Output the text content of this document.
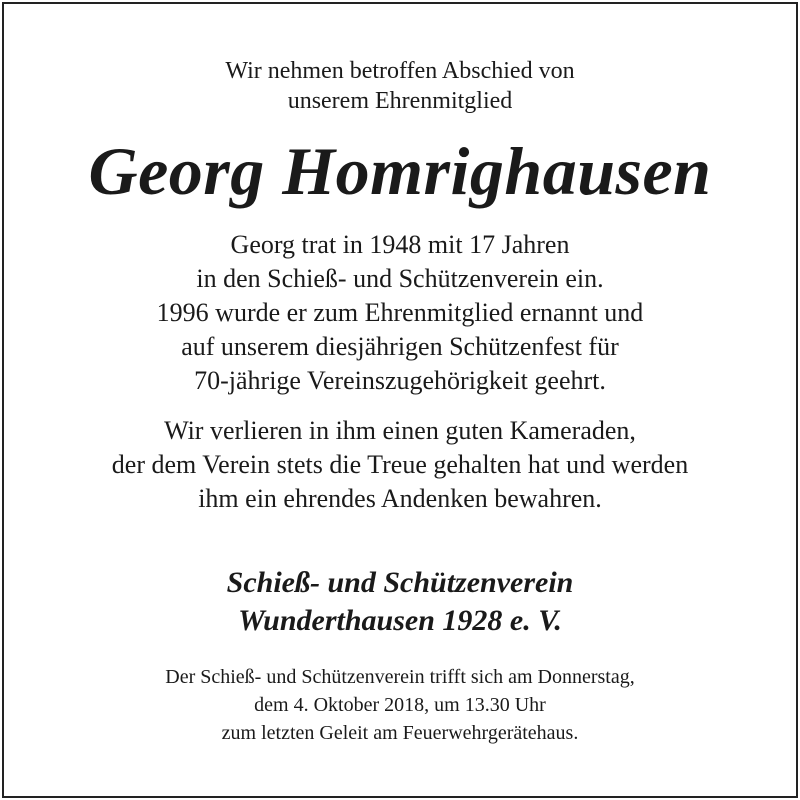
Wir nehmen betroffen Abschied von
unserem Ehrenmitglied
Georg Homrighausen
Georg trat in 1948 mit 17 Jahren
in den Schieß- und Schützenverein ein.
1996 wurde er zum Ehrenmitglied ernannt und
auf unserem diesjährigen Schützenfest für
70-jährige Vereinszugehörigkeit geehrt.
Wir verlieren in ihm einen guten Kameraden,
der dem Verein stets die Treue gehalten hat und werden
ihm ein ehrendes Andenken bewahren.
Schieß- und Schützenverein
Wunderthausen 1928 e. V.
Der Schieß- und Schützenverein trifft sich am Donnerstag,
dem 4. Oktober 2018, um 13.30 Uhr
zum letzten Geleit am Feuerwehrgerätehaus.
